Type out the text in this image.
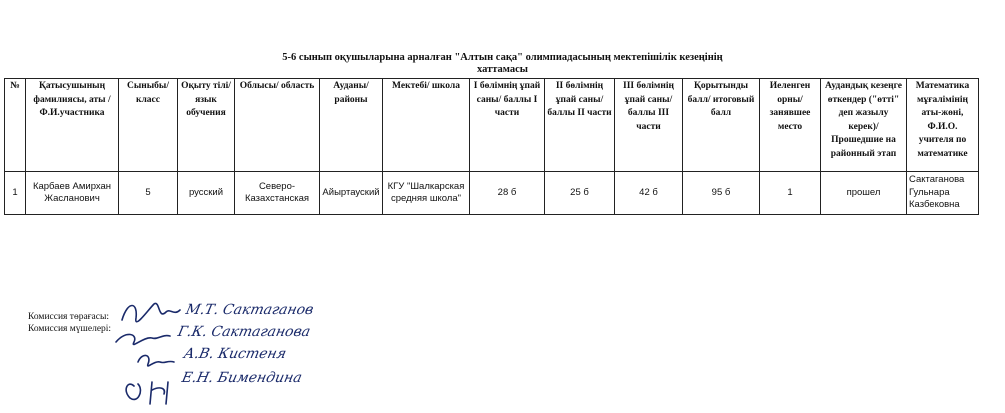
5-6 сынып оқушыларына арналған "Алтын сақа" олимпиадасының мектепішілік кезеңінің
хаттамасы
№	Қатысушының фамилиясы, аты /Ф.И.участника	Сыныбы/класс	Оқыту тілі/ язык обучения	Облысы/ область	Ауданы/ районы	Мектебі/ школа	I бөлімнің ұпай саны/ баллы I части	II бөлімнің ұпай саны/ баллы II части	III бөлімнің ұпай саны/ баллы III части	Қорытынды балл/ итоговый балл	Иеленген орны/ занявшее место	Аудандық кезеңге өткендер ("өтті" деп жазылу керек)/ Прошедшие на районный этап	Математика мұғалімінің аты-жөні, Ф.И.О. учителя по математике
1	Карбаев Амирхан Жасланович	5	русский	Северо-Казахстанская	Айыртауский	КГУ "Шалкарская средняя школа"	28 б	25 б	42 б	95 б	1	прошел	Сактаганова Гульнара Казбековна
Комиссия төрағасы:
Комиссия мүшелері:
М.Т. Сактаганов
Г.К. Сактаганова
А.В. Кистеня
Е.Н. Бимендина
